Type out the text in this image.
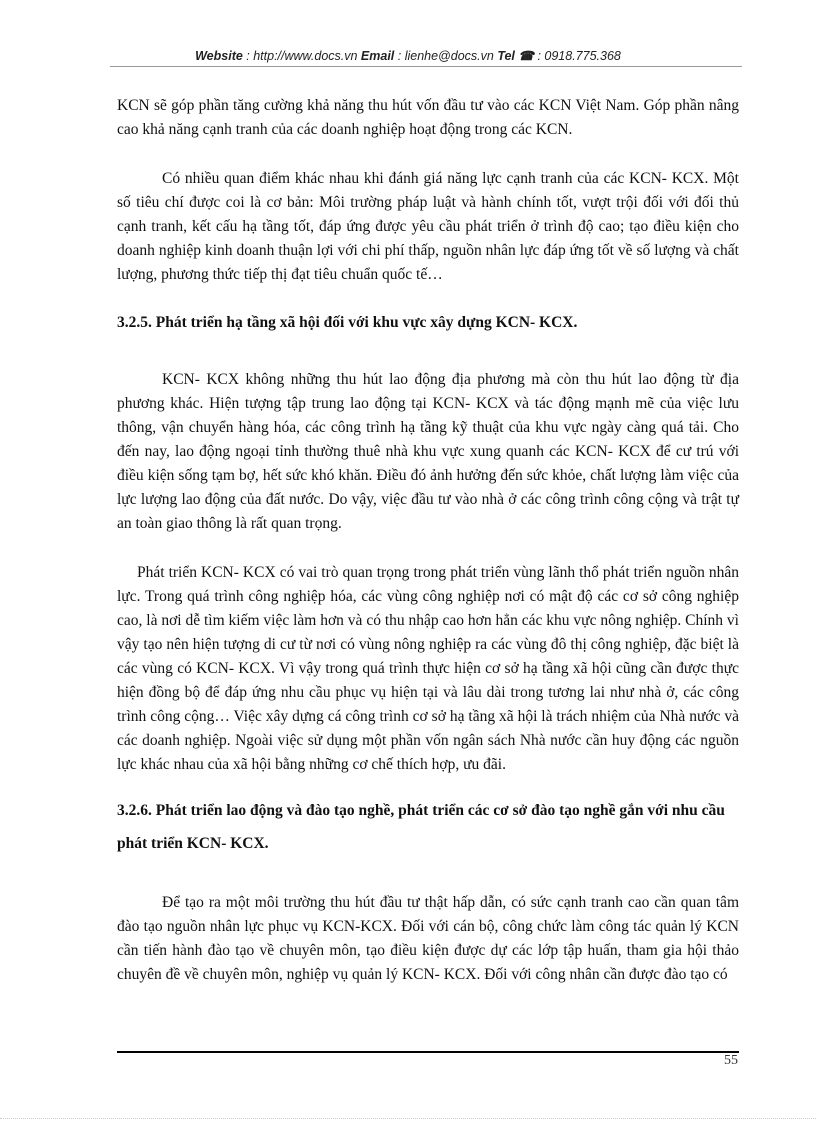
Website : http://www.docs.vn Email : lienhe@docs.vn Tel ☎ : 0918.775.368

KCN sẽ góp phần tăng cường khả năng thu hút vốn đầu tư vào các KCN Việt Nam. Góp phần nâng cao khả năng cạnh tranh của các doanh nghiệp hoạt động trong các KCN.

Có nhiều quan điểm khác nhau khi đánh giá năng lực cạnh tranh của các KCN- KCX. Một số tiêu chí được coi là cơ bản: Môi trường pháp luật và hành chính tốt, vượt trội đối với đối thủ cạnh tranh, kết cấu hạ tầng tốt, đáp ứng được yêu cầu phát triển ở trình độ cao; tạo điều kiện cho doanh nghiệp kinh doanh thuận lợi với chi phí thấp, nguồn nhân lực đáp ứng tốt về số lượng và chất lượng, phương thức tiếp thị đạt tiêu chuẩn quốc tế…

3.2.5. Phát triển hạ tầng xã hội đối với khu vực xây dựng KCN- KCX.

KCN- KCX không những thu hút lao động địa phương mà còn thu hút lao động từ địa phương khác. Hiện tượng tập trung lao động tại KCN- KCX và tác động mạnh mẽ của việc lưu thông, vận chuyển hàng hóa, các công trình hạ tầng kỹ thuật của khu vực ngày càng quá tải. Cho đến nay, lao động ngoại tỉnh thường thuê nhà khu vực xung quanh các KCN- KCX để cư trú với điều kiện sống tạm bợ, hết sức khó khăn. Điều đó ảnh hưởng đến sức khỏe, chất lượng làm việc của lực lượng lao động của đất nước. Do vậy, việc đầu tư vào nhà ở các công trình công cộng và trật tự an toàn giao thông là rất quan trọng.

Phát triển KCN- KCX có vai trò quan trọng trong phát triển vùng lãnh thổ phát triển nguồn nhân lực. Trong quá trình công nghiệp hóa, các vùng công nghiệp nơi có mật độ các cơ sở công nghiệp cao, là nơi dễ tìm kiếm việc làm hơn và có thu nhập cao hơn hẳn các khu vực nông nghiệp. Chính vì vậy tạo nên hiện tượng di cư từ nơi có vùng nông nghiệp ra các vùng đô thị công nghiệp, đặc biệt là các vùng có KCN- KCX. Vì vậy trong quá trình thực hiện cơ sở hạ tầng xã hội cũng cần được thực hiện đồng bộ để đáp ứng nhu cầu phục vụ hiện tại và lâu dài trong tương lai như nhà ở, các công trình công cộng… Việc xây dựng cá công trình cơ sở hạ tầng xã hội là trách nhiệm của Nhà nước và các doanh nghiệp. Ngoài việc sử dụng một phần vốn ngân sách Nhà nước cần huy động các nguồn lực khác nhau của xã hội bằng những cơ chế thích hợp, ưu đãi.

3.2.6. Phát triển lao động và đào tạo nghề, phát triển các cơ sở đào tạo nghề gắn với nhu cầu phát triển KCN- KCX.

Để tạo ra một môi trường thu hút đầu tư thật hấp dẫn, có sức cạnh tranh cao cần quan tâm đào tạo nguồn nhân lực phục vụ KCN-KCX. Đối với cán bộ, công chức làm công tác quản lý KCN cần tiến hành đào tạo về chuyên môn, tạo điều kiện được dự các lớp tập huấn, tham gia hội thảo chuyên đề về chuyên môn, nghiệp vụ quản lý KCN- KCX. Đối với công nhân cần được đào tạo có

55
